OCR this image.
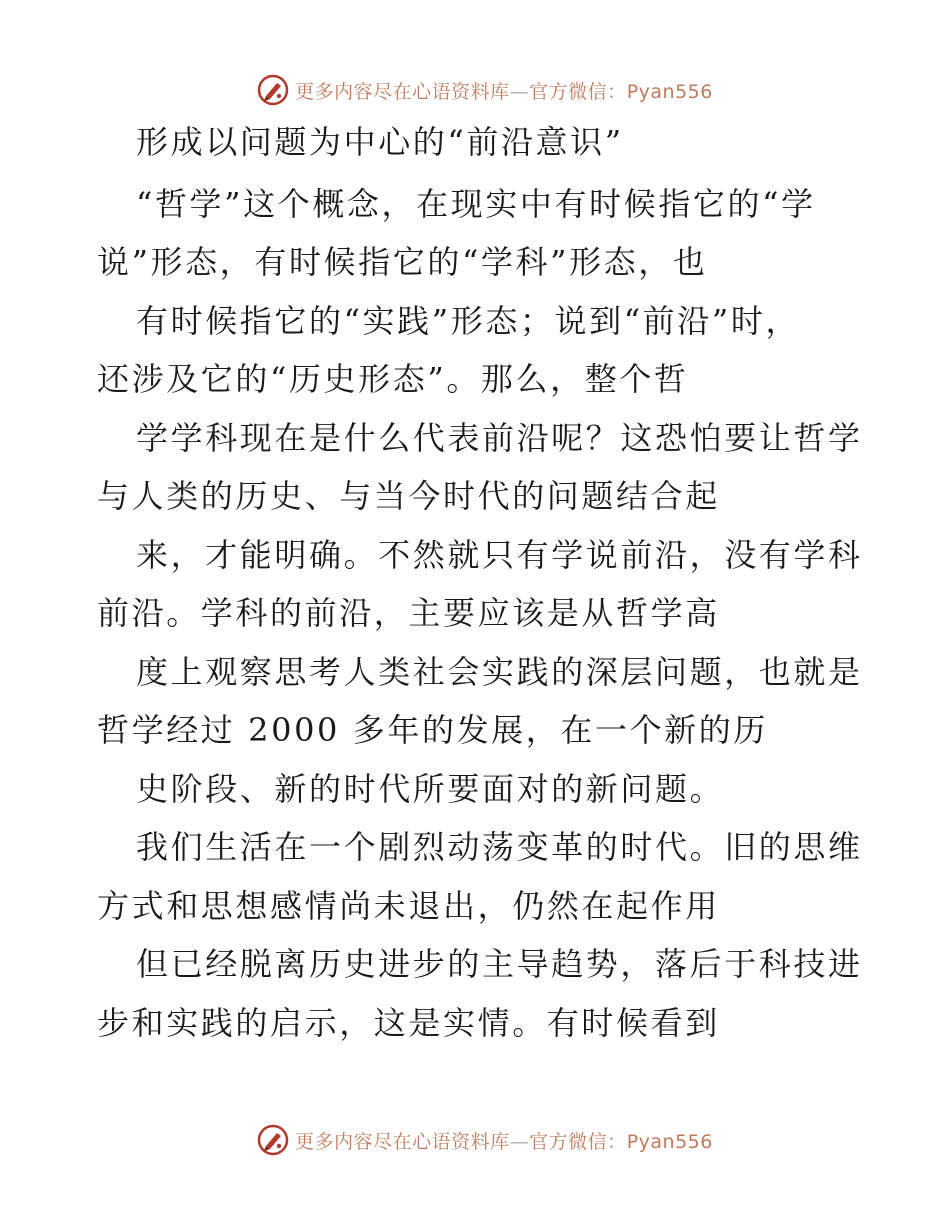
更多内容尽在心语资料库—官方微信：Pyan556
形成以问题为中心的“前沿意识”
“哲学”这个概念，在现实中有时候指它的“学
说”形态，有时候指它的“学科”形态，也
有时候指它的“实践”形态；说到“前沿”时，
还涉及它的“历史形态”。那么，整个哲
学学科现在是什么代表前沿呢？这恐怕要让哲学
与人类的历史、与当今时代的问题结合起
来，才能明确。不然就只有学说前沿，没有学科
前沿。学科的前沿，主要应该是从哲学高
度上观察思考人类社会实践的深层问题，也就是
哲学经过 2000 多年的发展，在一个新的历
史阶段、新的时代所要面对的新问题。
我们生活在一个剧烈动荡变革的时代。旧的思维
方式和思想感情尚未退出，仍然在起作用
但已经脱离历史进步的主导趋势，落后于科技进
步和实践的启示，这是实情。有时候看到
更多内容尽在心语资料库—官方微信：Pyan556
